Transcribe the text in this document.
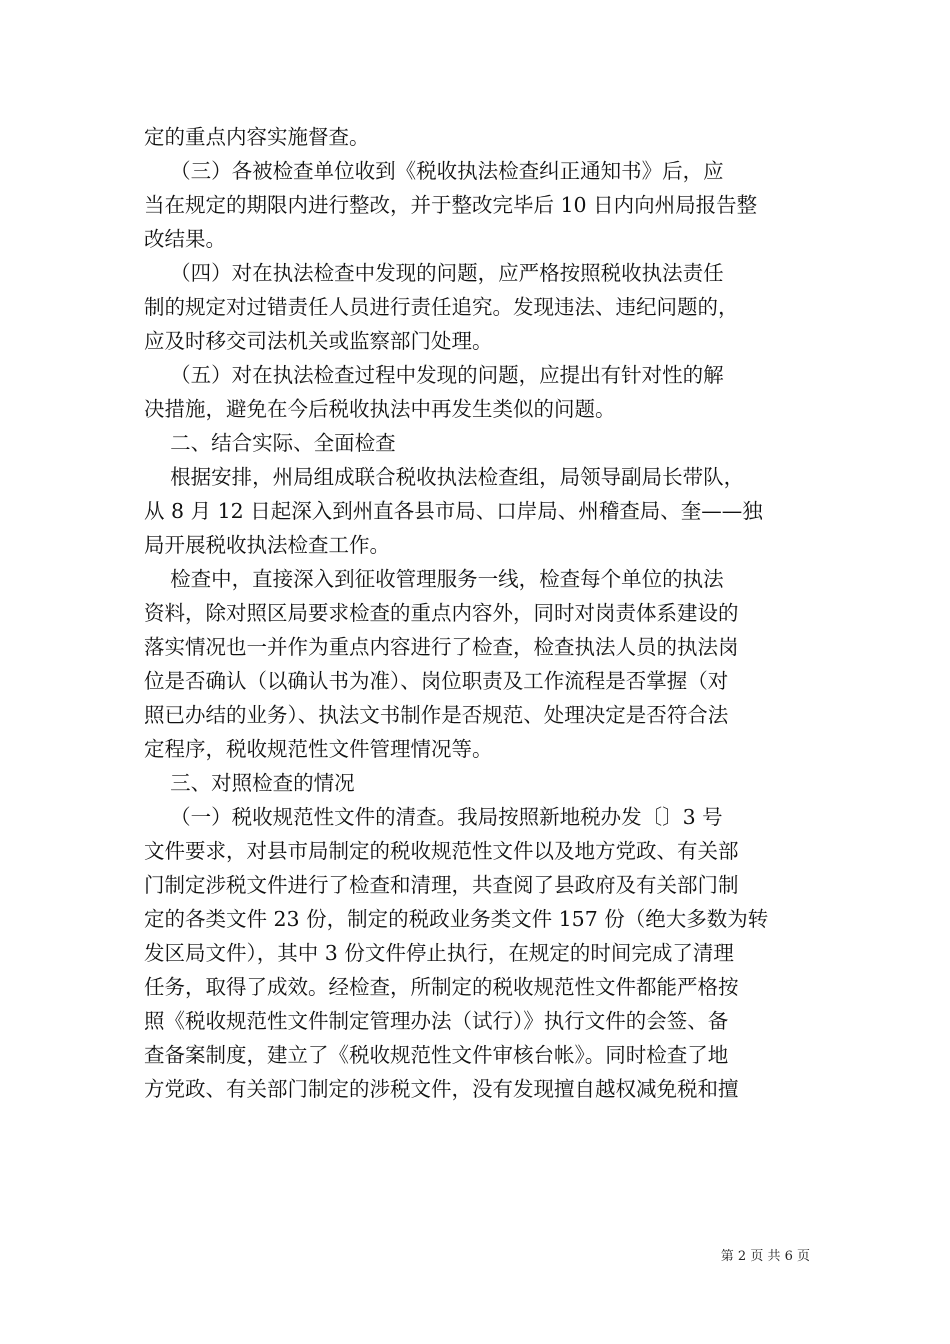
定的重点内容实施督查。
（三）各被检查单位收到《税收执法检查纠正通知书》后，应
当在规定的期限内进行整改，并于整改完毕后 10 日内向州局报告整
改结果。
（四）对在执法检查中发现的问题，应严格按照税收执法责任
制的规定对过错责任人员进行责任追究。发现违法、违纪问题的，
应及时移交司法机关或监察部门处理。
（五）对在执法检查过程中发现的问题，应提出有针对性的解
决措施，避免在今后税收执法中再发生类似的问题。
二、结合实际、全面检查
根据安排，州局组成联合税收执法检查组，局领导副局长带队，
从 8 月 12 日起深入到州直各县市局、口岸局、州稽查局、奎——独
局开展税收执法检查工作。
检查中，直接深入到征收管理服务一线，检查每个单位的执法
资料，除对照区局要求检查的重点内容外，同时对岗责体系建设的
落实情况也一并作为重点内容进行了检查，检查执法人员的执法岗
位是否确认（以确认书为准）、岗位职责及工作流程是否掌握（对
照已办结的业务）、执法文书制作是否规范、处理决定是否符合法
定程序，税收规范性文件管理情况等。
三、对照检查的情况
（一）税收规范性文件的清查。我局按照新地税办发〔〕3 号
文件要求，对县市局制定的税收规范性文件以及地方党政、有关部
门制定涉税文件进行了检查和清理，共查阅了县政府及有关部门制
定的各类文件 23 份，制定的税政业务类文件 157 份（绝大多数为转
发区局文件），其中 3 份文件停止执行，在规定的时间完成了清理
任务，取得了成效。经检查，所制定的税收规范性文件都能严格按
照《税收规范性文件制定管理办法（试行）》执行文件的会签、备
查备案制度，建立了《税收规范性文件审核台帐》。同时检查了地
方党政、有关部门制定的涉税文件，没有发现擅自越权减免税和擅
第 2 页 共 6 页
